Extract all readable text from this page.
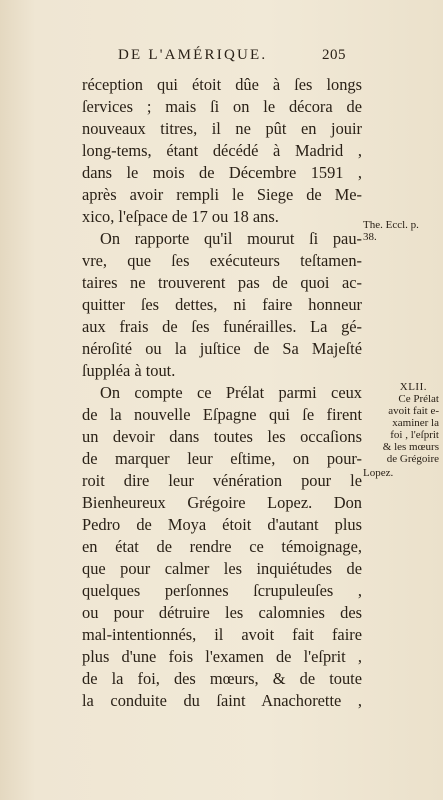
DE L'AMÉRIQUE.	205
réception qui étoit dûe à ſes longs
ſervices ; mais ſi on le décora de
nouveaux titres, il ne pût en jouir
long-tems, étant décédé à Madrid ,
dans le mois de Décembre 1591 ,
après avoir rempli le Siege de Me-
xico, l'eſpace de 17 ou 18 ans.
On rapporte qu'il mourut ſi pau-
vre, que ſes exécuteurs teſtamen-
taires ne trouverent pas de quoi ac-
quitter ſes dettes, ni faire honneur
aux frais de ſes funérailles. La gé-
néroſité ou la juſtice de Sa Majeſté
ſuppléa à tout.
On compte ce Prélat parmi ceux
de la nouvelle Eſpagne qui ſe firent
un devoir dans toutes les occaſions
de marquer leur eſtime, on pour-
roit dire leur vénération pour le
Bienheureux Grégoire Lopez. Don
Pedro de Moya étoit d'autant plus
en état de rendre ce témoignage,
que pour calmer les inquiétudes de
quelques perſonnes ſcrupuleuſes ,
ou pour détruire les calomnies des
mal-intentionnés, il avoit fait faire
plus d'une fois l'examen de l'eſprit ,
de la foi, des mœurs, & de toute
la conduite du ſaint Anachorette ,
The. Eccl. p.
38.
XLII.
Ce Prélat
avoit fait e-
xaminer la
foi , l'eſprit
& les mœurs
de Grégoire
Lopez.
